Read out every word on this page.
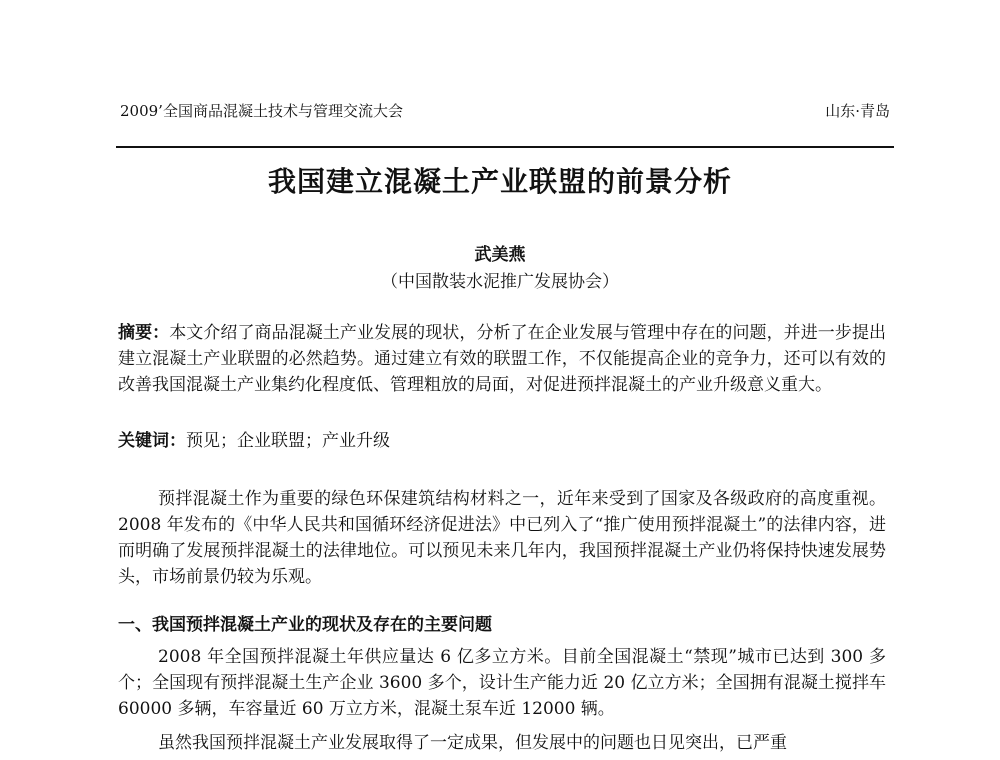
2009’全国商品混凝土技术与管理交流大会	山东·青岛
我国建立混凝土产业联盟的前景分析
武美燕
（中国散装水泥推广发展协会）

摘要：本文介绍了商品混凝土产业发展的现状，分析了在企业发展与管理中存在的问题，并进一步提出建立混凝土产业联盟的必然趋势。通过建立有效的联盟工作，不仅能提高企业的竞争力，还可以有效的改善我国混凝土产业集约化程度低、管理粗放的局面，对促进预拌混凝土的产业升级意义重大。

关键词：预见；企业联盟；产业升级

预拌混凝土作为重要的绿色环保建筑结构材料之一，近年来受到了国家及各级政府的高度重视。2008 年发布的《中华人民共和国循环经济促进法》中已列入了“推广使用预拌混凝土”的法律内容，进而明确了发展预拌混凝土的法律地位。可以预见未来几年内，我国预拌混凝土产业仍将保持快速发展势头，市场前景仍较为乐观。

一、我国预拌混凝土产业的现状及存在的主要问题

2008 年全国预拌混凝土年供应量达 6 亿多立方米。目前全国混凝土“禁现”城市已达到 300 多个；全国现有预拌混凝土生产企业 3600 多个，设计生产能力近 20 亿立方米；全国拥有混凝土搅拌车 60000 多辆，车容量近 60 万立方米，混凝土泵车近 12000 辆。

虽然我国预拌混凝土产业发展取得了一定成果，但发展中的问题也日见突出，已严重
